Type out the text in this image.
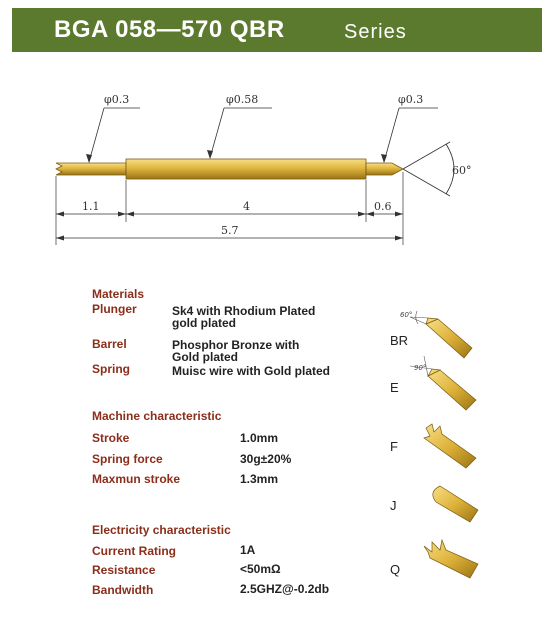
BGA 058—570 QBR	Series
φ0.3	φ0.58	φ0.3
60°
1.1	4	0.6
5.7
Materials
Plunger	Sk4 with Rhodium Plated
gold plated
Barrel	Phosphor Bronze with
Gold plated
Spring	Muisc wire with Gold plated
Machine characteristic
Stroke	1.0mm
Spring force	30g±20%
Maxmun stroke	1.3mm
Electricity characteristic
Current Rating	1A
Resistance	<50mΩ
Bandwidth	2.5GHZ@-0.2db
60°
90°
BR
E
F
J
Q
